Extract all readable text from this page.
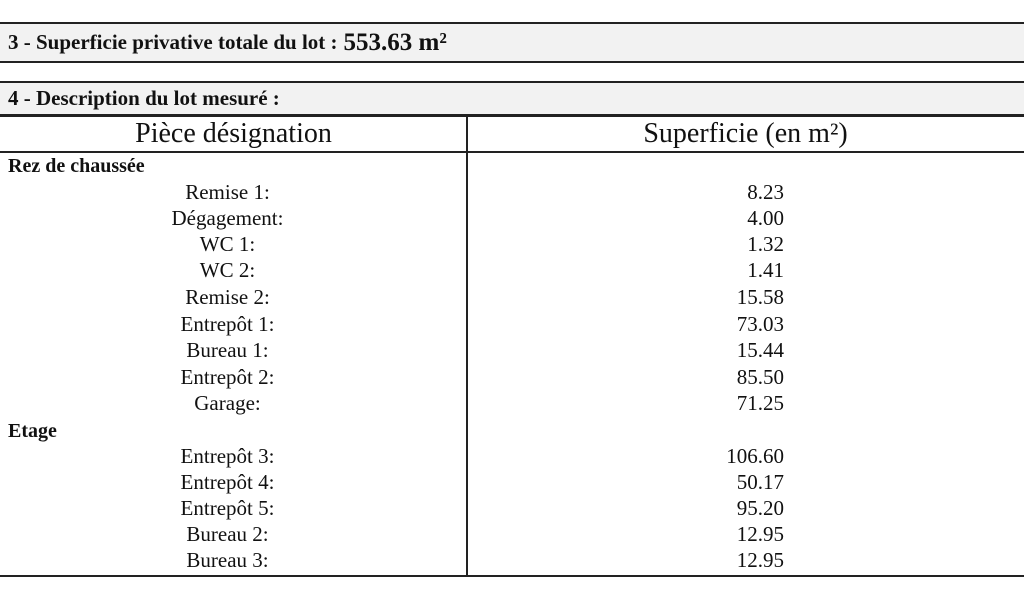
3 - Superficie privative totale du lot : 553.63 m²
4 - Description du lot mesuré :
Pièce désignation	Superficie (en m²)
Rez de chaussée
Remise 1:	8.23
Dégagement:	4.00
WC 1:	1.32
WC 2:	1.41
Remise 2:	15.58
Entrepôt 1:	73.03
Bureau 1:	15.44
Entrepôt 2:	85.50
Garage:	71.25
Etage
Entrepôt 3:	106.60
Entrepôt 4:	50.17
Entrepôt 5:	95.20
Bureau 2:	12.95
Bureau 3:	12.95
